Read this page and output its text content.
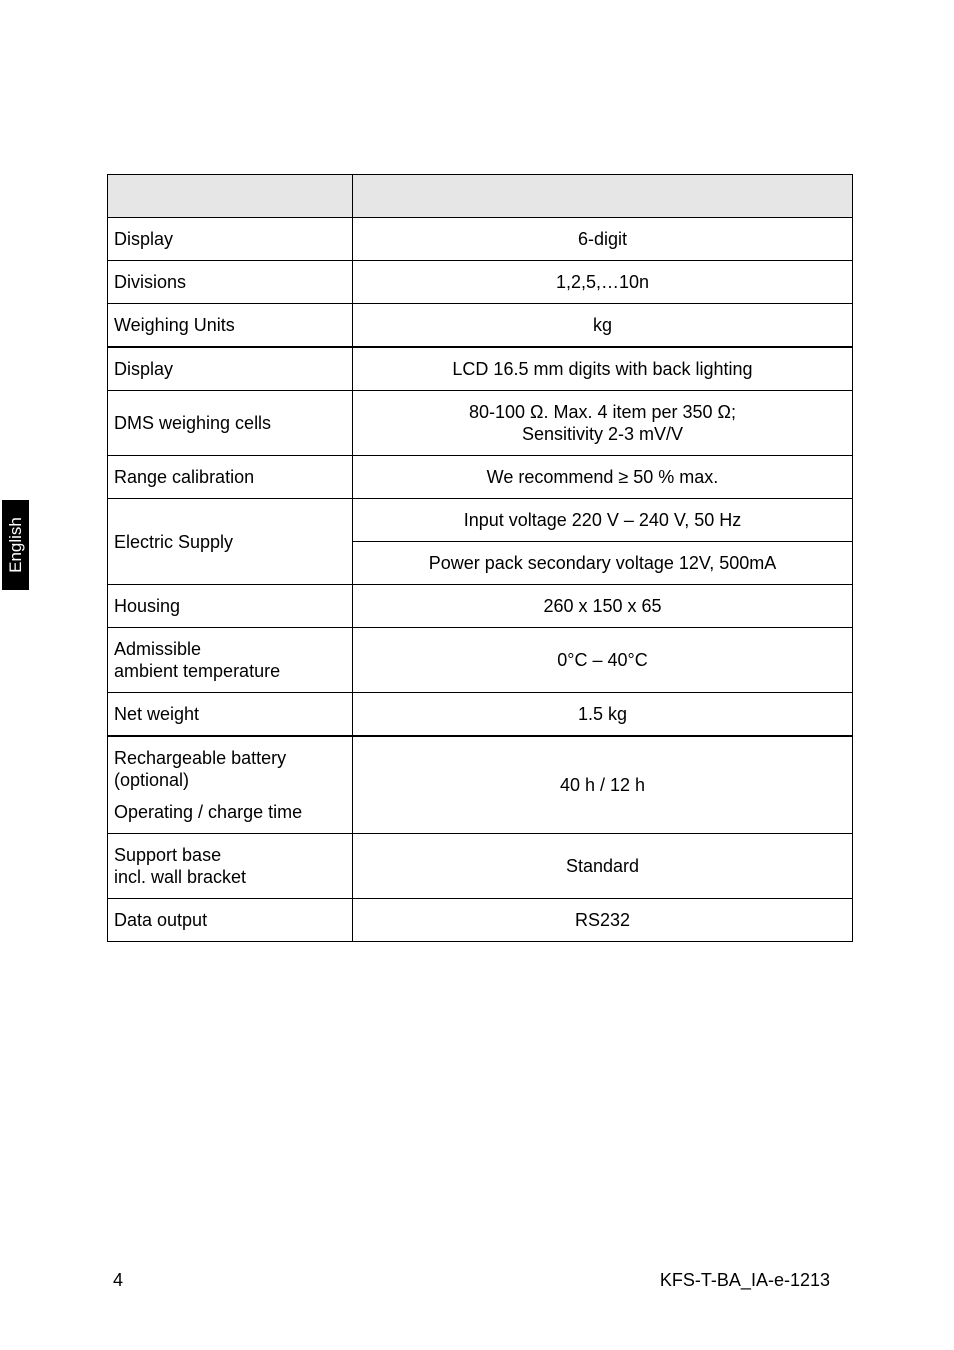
English

Display	6-digit
Divisions	1,2,5,…10n
Weighing Units	kg
Display	LCD 16.5 mm digits with back lighting
DMS weighing cells	80-100 Ω. Max. 4 item per 350 Ω;
Sensitivity 2-3 mV/V

Range calibration	We recommend ≥ 50 % max.
Electric Supply	Input voltage 220 V – 240 V, 50 Hz
	Power pack secondary voltage 12V, 500mA
Housing	260 x 150 x 65

Admissible
ambient temperature	0°C – 40°C
Net weight	1.5 kg

Rechargeable battery
(optional)
Operating / charge time	40 h / 12 h

Support base
incl. wall bracket	Standard
Data output	RS232
4	KFS-T-BA_IA-e-1213
